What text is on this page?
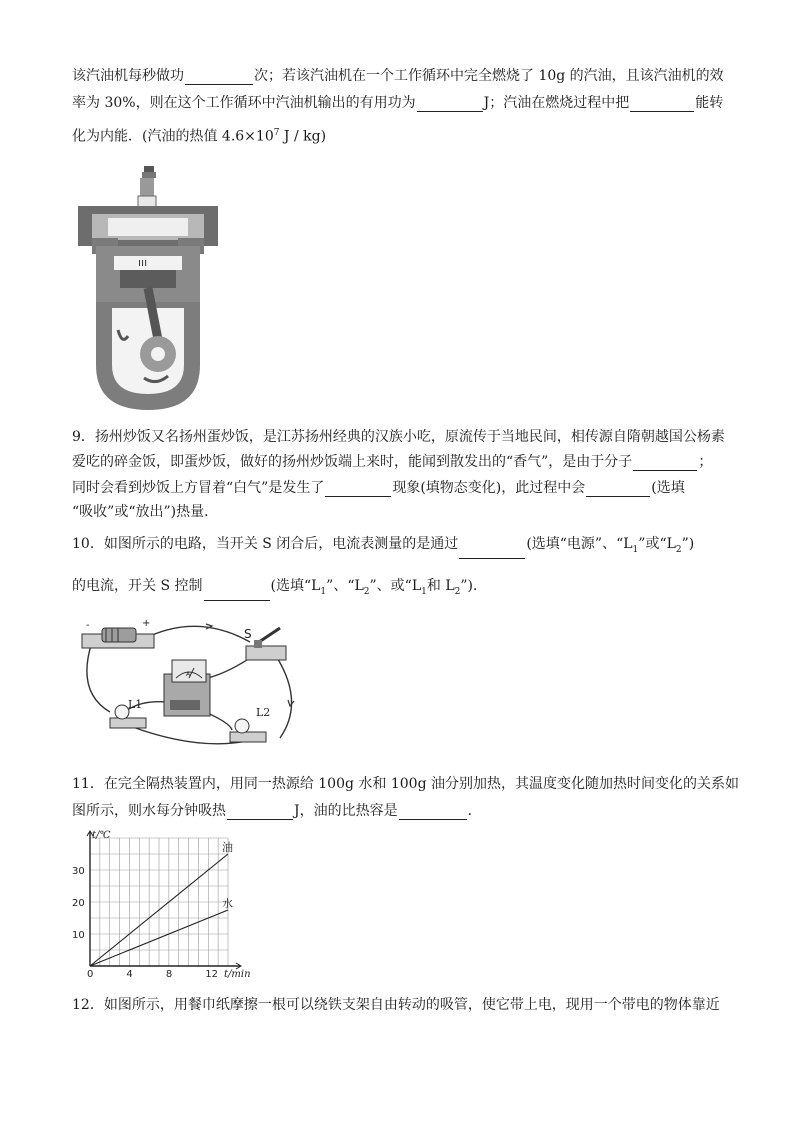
该汽油机每秒做功	次；若该汽油机在一个工作循环中完全燃烧了 10g 的汽油，且该汽油机的效
率为 30%，则在这个工作循环中汽油机输出的有用功为	J；汽油在燃烧过程中把	能转
化为内能．(汽油的热值 $4.6\times 10^7$ J / kg)
ııı
9．扬州炒饭又名扬州蛋炒饭，是江苏扬州经典的汉族小吃，原流传于当地民间，相传源自隋朝越国公杨素
爱吃的碎金饭，即蛋炒饭，做好的扬州炒饭端上来时，能闻到散发出的“香气”，是由于分子	；
同时会看到炒饭上方冒着“白气”是发生了	现象(填物态变化)，此过程中会	(选填
“吸收”或“放出”)热量．
10．如图所示的电路，当开关 S 闭合后，电流表测量的是通过	(选填“电源”、“$L_1$”或“$L_2$”)
的电流，开关 S 控制	(选填“$L_1$”、“$L_2$”、或“$L_1$和 $L_2$”)．
-	+
S
A
L1
L2
11．在完全隔热装置内，用同一热源给 100g 水和 100g 油分别加热，其温度变化随加热时间变化的关系如
图所示，则水每分钟吸热	J，油的比热容是	．
油
水
0	4	8	12
10
20
30
t/min
t/℃
12．如图所示，用餐巾纸摩擦一根可以绕铁支架自由转动的吸管，使它带上电，现用一个带电的物体靠近
